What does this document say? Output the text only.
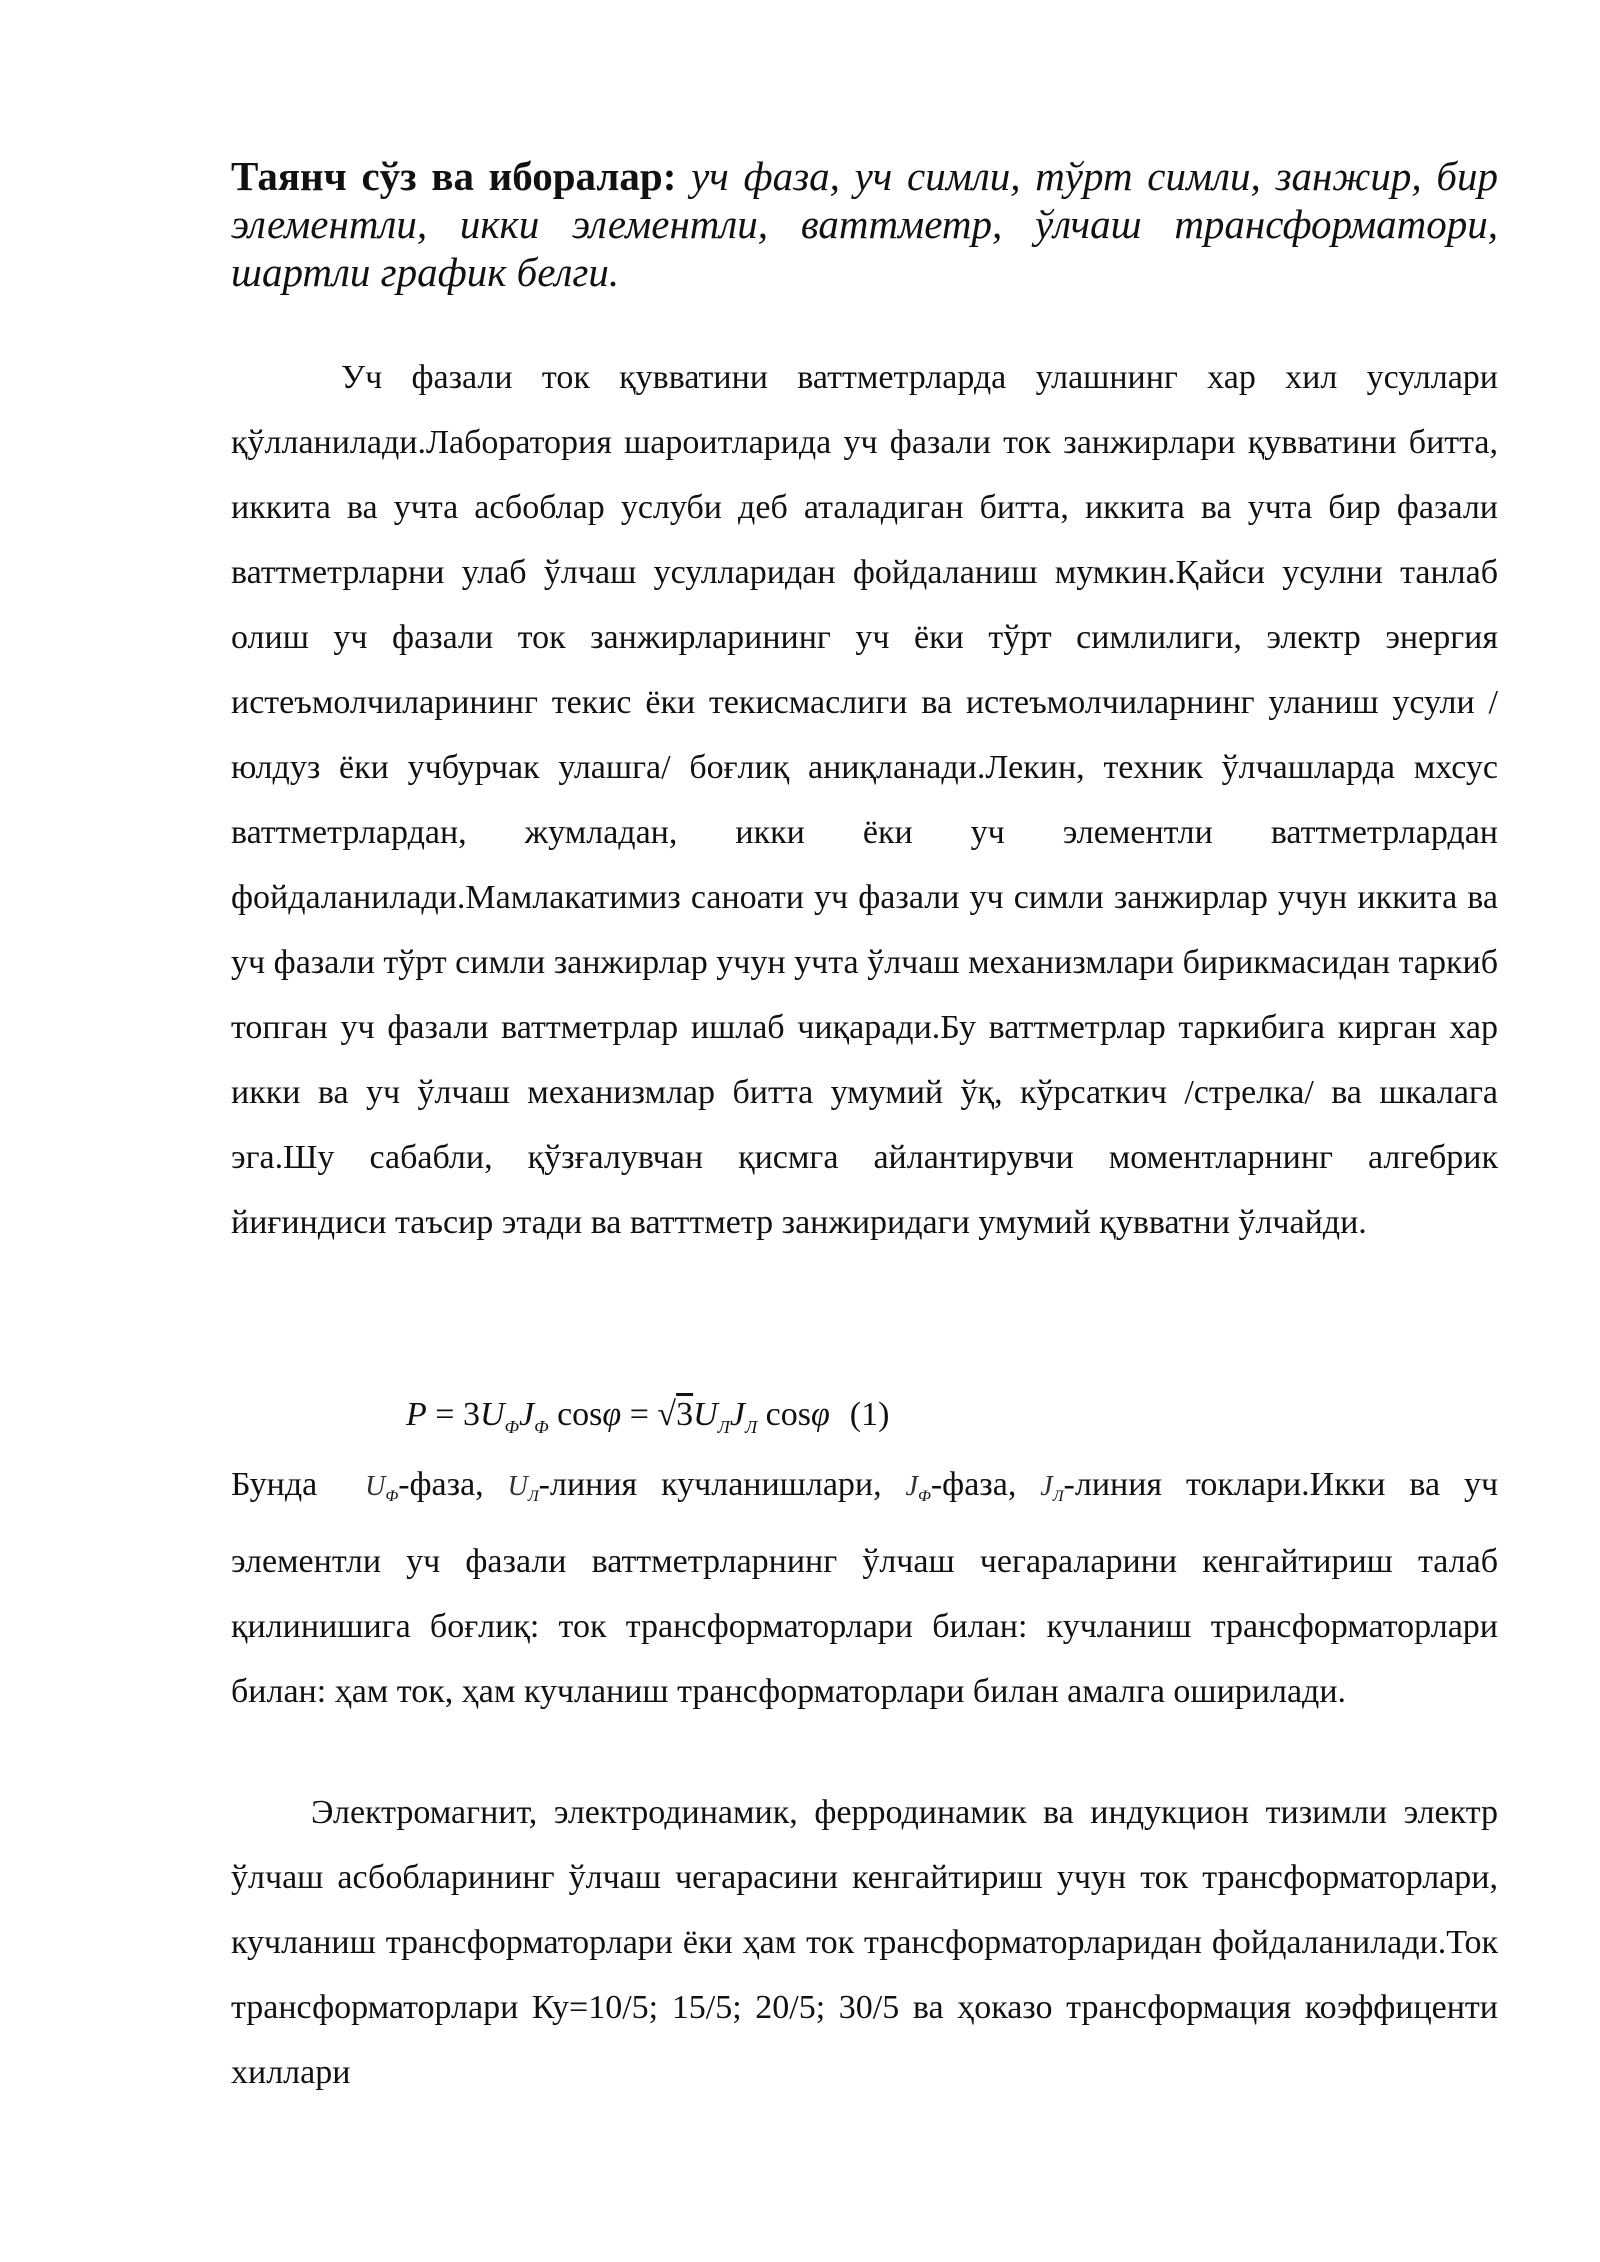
Таянч сўз ва иборалар: уч фаза, уч симли, тўрт симли, занжир, бир элементли, икки элементли, ваттметр, ўлчаш трансформатори, шартли график белги.
Уч фазали ток қувватини ваттметрларда улашнинг хар хил усуллари қўлланилади.Лаборатория шароитларида уч фазали ток занжирлари қувватини битта, иккита ва учта асбоблар услуби деб аталадиган битта, иккита ва учта бир фазали ваттметрларни улаб ўлчаш усулларидан фойдаланиш мумкин.Қайси усулни танлаб олиш уч фазали ток занжирларининг уч ёки тўрт симлилиги, электр энергия истеъмолчиларининг текис ёки текисмаслиги ва истеъмолчиларнинг уланиш усули /юлдуз ёки учбурчак улашга/ боғлиқ аниқланади.Лекин, техник ўлчашларда мхсус ваттметрлардан, жумладан, икки ёки уч элементли ваттметрлардан фойдаланилади.Мамлакатимиз саноати уч фазали уч симли занжирлар учун иккита ва уч фазали тўрт симли занжирлар учун учта ўлчаш механизмлари бирикмасидан таркиб топган уч фазали ваттметрлар ишлаб чиқаради.Бу ваттметрлар таркибига кирган хар икки ва уч ўлчаш механизмлар битта умумий ўқ, кўрсаткич /стрелка/ ва шкалага эга.Шу сабабли, қўзғалувчан қисмга айлантирувчи моментларнинг алгебрик йиғиндиси таъсир этади ва ватттметр занжиридаги умумий қувватни ўлчайди.
$P = 3U_ФJ_Ф$ $\cos\varphi = √3U_ЛJ_Л$ cosφ (1)
Бунда $U_Ф$-фаза, $U_Л$-линия кучланишлари, $J_Ф$-фаза, $J_Л$-линия токлари.Икки ва уч элементли уч фазали ваттметрларнинг ўлчаш чегараларини кенгайтириш талаб қилинишига боғлиқ: ток трансформаторлари билан: кучланиш трансформаторлари билан: ҳам ток, ҳам кучланиш трансформаторлари билан амалга оширилади.
Электромагнит, электродинамик, ферродинамик ва индукцион тизимли электр ўлчаш асбобларининг ўлчаш чегарасини кенгайтириш учун ток трансформаторлари, кучланиш трансформаторлари ёки ҳам ток трансформаторларидан фойдаланилади.Ток трансформаторлари Ку=10/5; 15/5; 20/5; 30/5 ва ҳоказо трансформация коэффиценти хиллари
